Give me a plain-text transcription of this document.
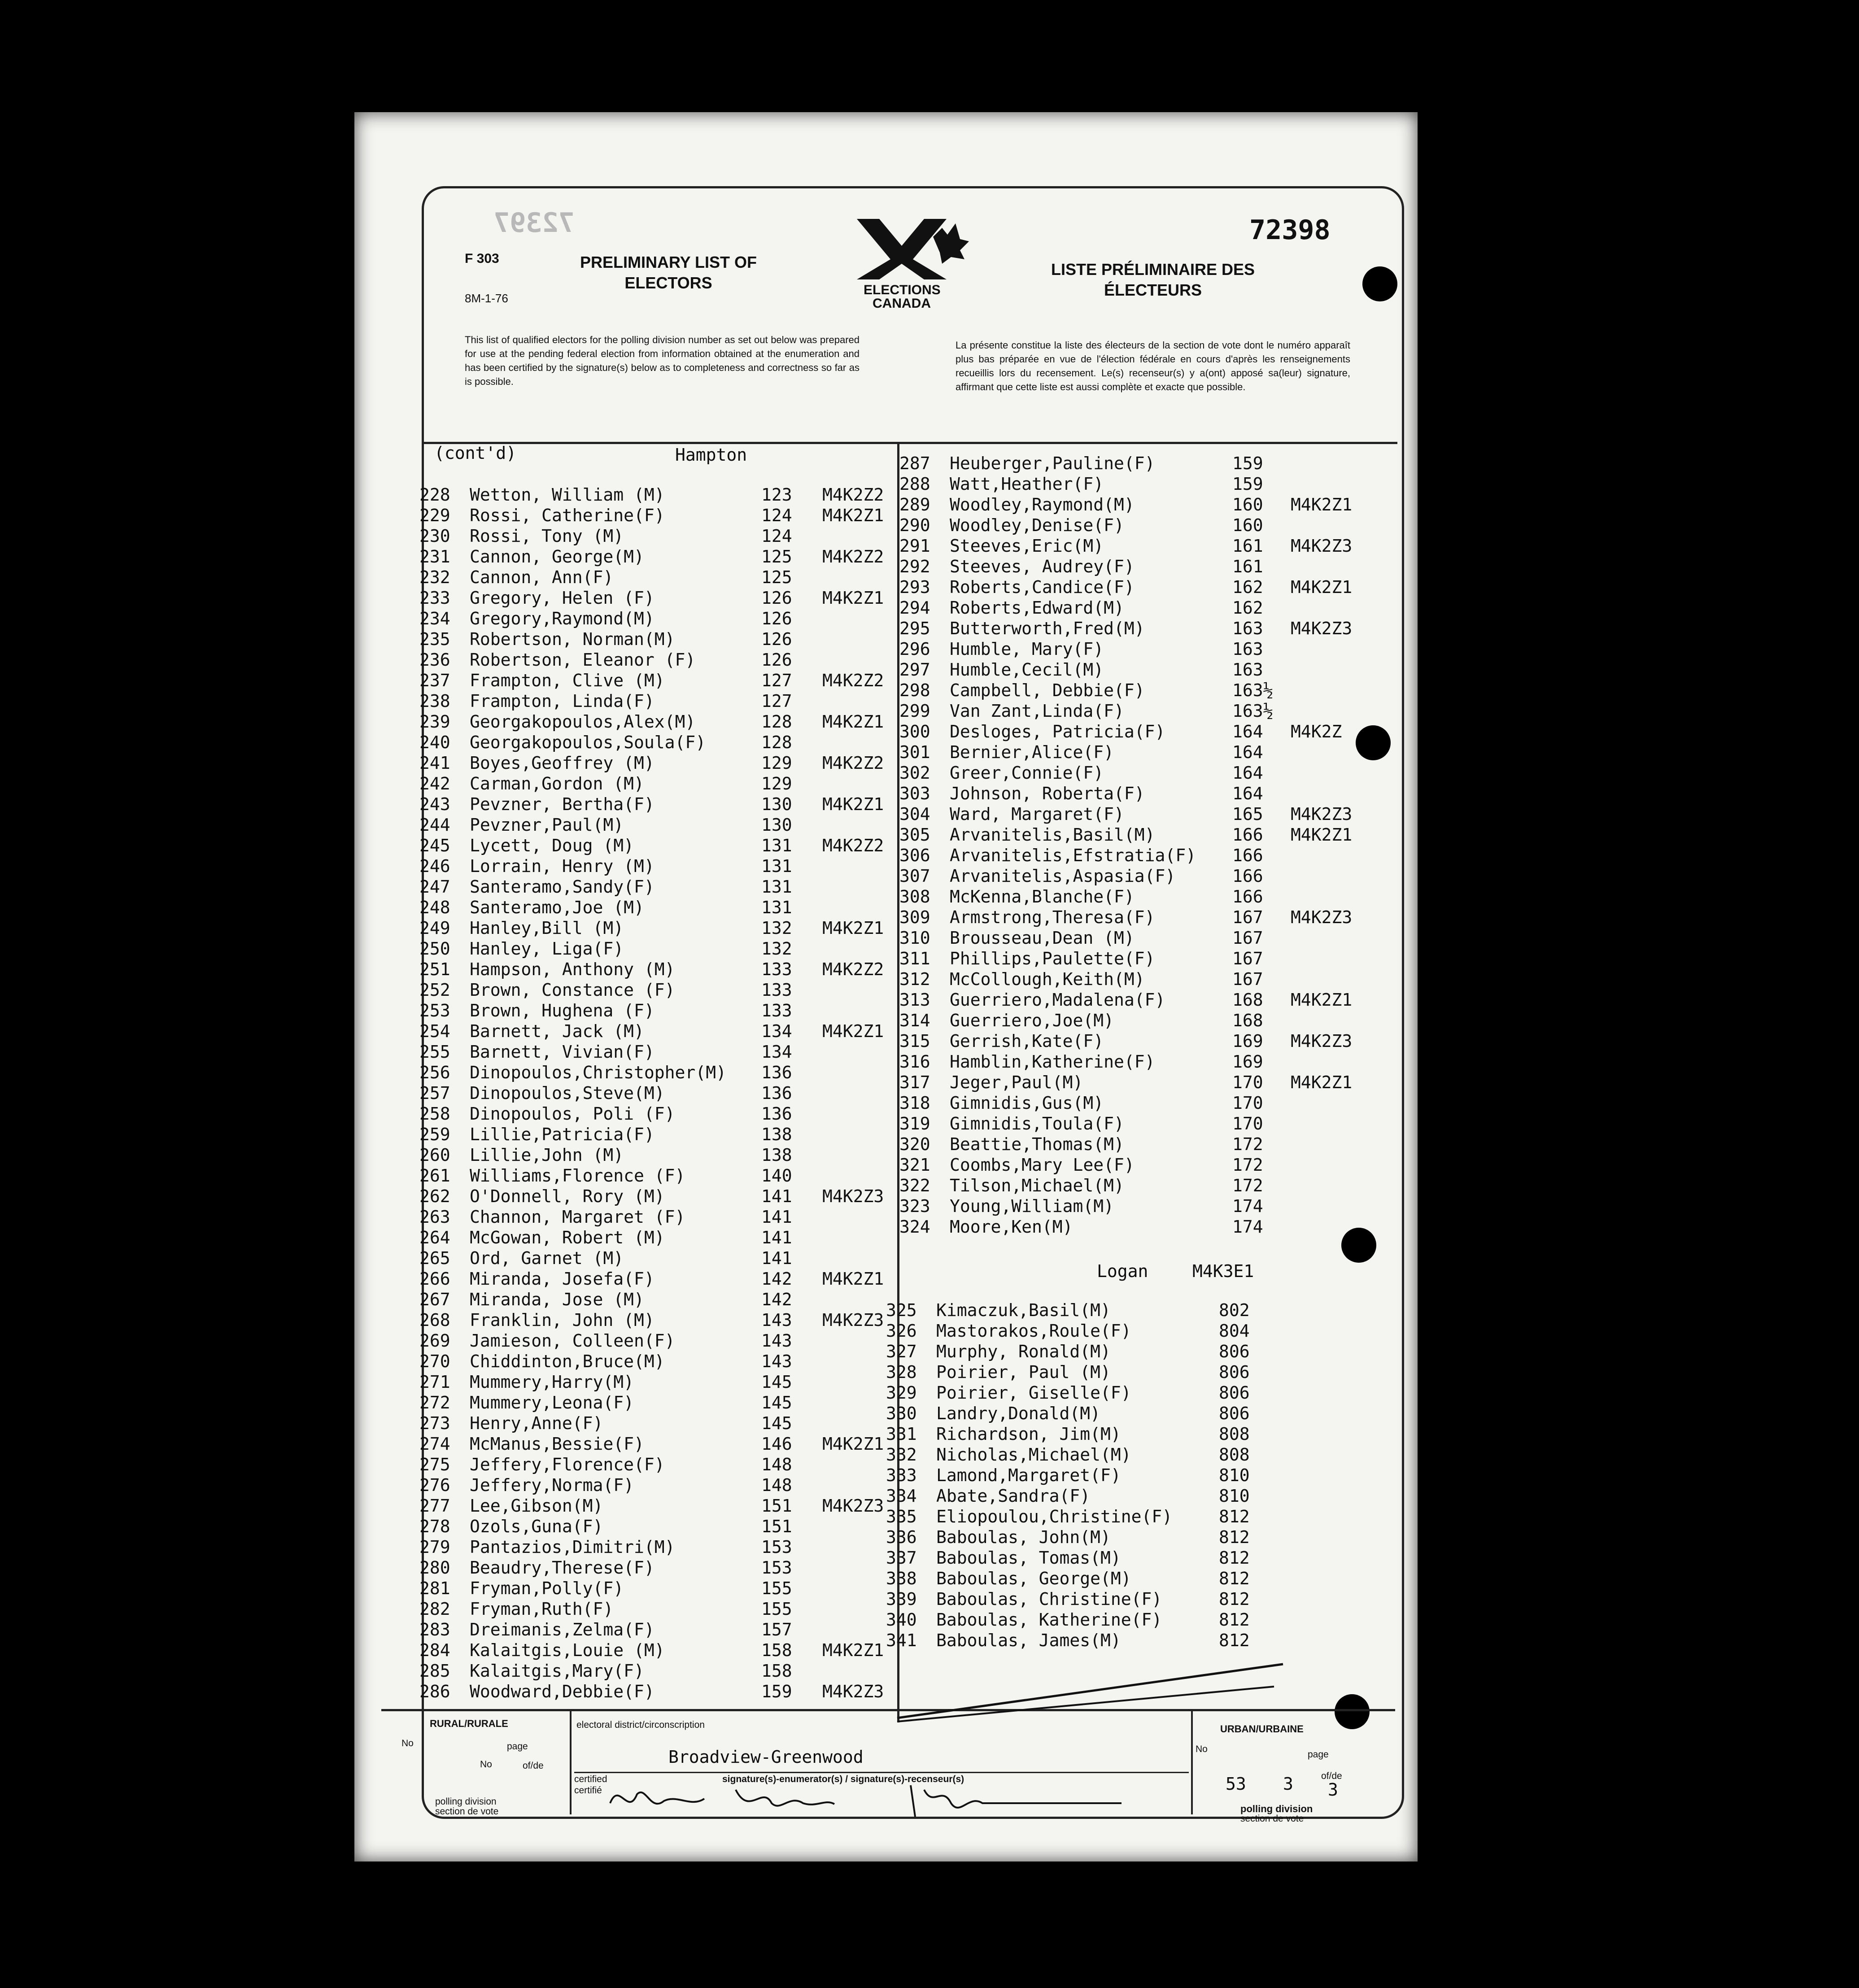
72397	72398
F 303
8M-1-76
PRELIMINARY LIST OF ELECTORS	ELECTIONS CANADA
LISTE PRÉLIMINAIRE DES ÉLECTEURS
This list of qualified electors for the polling division number as set out below was prepared for use at the pending federal election from information obtained at the enumeration and has been certified by the signature(s) below as to completeness and correctness so far as is possible.
La présente constitue la liste des électeurs de la section de vote dont le numéro apparaît plus bas préparée en vue de l'élection fédérale en cours d'après les renseignements recueillis lors du recensement. Le(s) recenseur(s) y a(ont) apposé sa(leur) signature, affirmant que cette liste est aussi complète et exacte que possible.
(cont'd)	Hampton
228 Wetton, William (M)	123 M4K2Z2
229 Rossi, Catherine(F)	124 M4K2Z1
230 Rossi, Tony (M)	124
231 Cannon, George(M)	125 M4K2Z2
232 Cannon, Ann(F)	125
233 Gregory, Helen (F)	126 M4K2Z1
234 Gregory,Raymond(M)	126
235 Robertson, Norman(M)	126
236 Robertson, Eleanor (F)	126
237 Frampton, Clive (M)	127 M4K2Z2
238 Frampton, Linda(F)	127
239 Georgakopoulos,Alex(M)	128 M4K2Z1
240 Georgakopoulos,Soula(F)	128
241 Boyes,Geoffrey (M)	129 M4K2Z2
242 Carman,Gordon (M)	129
243 Pevzner, Bertha(F)	130 M4K2Z1
244 Pevzner,Paul(M)	130
245 Lycett, Doug (M)	131 M4K2Z2
246 Lorrain, Henry (M)	131
247 Santeramo,Sandy(F)	131
248 Santeramo,Joe (M)	131
249 Hanley,Bill (M)	132 M4K2Z1
250 Hanley, Liga(F)	132
251 Hampson, Anthony (M)	133 M4K2Z2
252 Brown, Constance (F)	133
253 Brown, Hughena (F)	133
254 Barnett, Jack (M)	134 M4K2Z1
255 Barnett, Vivian(F)	134
256 Dinopoulos,Christopher(M) 136
257 Dinopoulos,Steve(M)	136
258 Dinopoulos, Poli (F)	136
259 Lillie,Patricia(F)	138
260 Lillie,John (M)	138
261 Williams,Florence (F)	140
262 O'Donnell, Rory (M)	141 M4K2Z3
263 Channon, Margaret (F)	141
264 McGowan, Robert (M)	141
265 Ord, Garnet (M)	141
266 Miranda, Josefa(F)	142 M4K2Z1
267 Miranda, Jose (M)	142
268 Franklin, John (M)	143 M4K2Z3
269 Jamieson, Colleen(F)	143
270 Chiddinton,Bruce(M)	143
271 Mummery,Harry(M)	145
272 Mummery,Leona(F)	145
273 Henry,Anne(F)	145
274 McManus,Bessie(F)	146 M4K2Z1
275 Jeffery,Florence(F)	148
276 Jeffery,Norma(F)	148
277 Lee,Gibson(M)	151 M4K2Z3
278 Ozols,Guna(F)	151
279 Pantazios,Dimitri(M)	153
280 Beaudry,Therese(F)	153
281 Fryman,Polly(F)	155
282 Fryman,Ruth(F)	155
283 Dreimanis,Zelma(F)	157
284 Kalaitgis,Louie (M)	158 M4K2Z1
285 Kalaitgis,Mary(F)	158
286 Woodward,Debbie(F)	159 M4K2Z3
287 Heuberger,Pauline(F)	159
288 Watt,Heather(F)	159
289 Woodley,Raymond(M)	160 M4K2Z1
290 Woodley,Denise(F)	160
291 Steeves,Eric(M)	161 M4K2Z3
292 Steeves, Audrey(F)	161
293 Roberts,Candice(F)	162 M4K2Z1
294 Roberts,Edward(M)	162
295 Butterworth,Fred(M)	163 M4K2Z3
296 Humble, Mary(F)	163
297 Humble,Cecil(M)	163
298 Campbell, Debbie(F)	163½
299 Van Zant,Linda(F)	163½
300 Desloges, Patricia(F)	164 M4K2Z
301 Bernier,Alice(F)	164
302 Greer,Connie(F)	164
303 Johnson, Roberta(F)	164
304 Ward, Margaret(F)	165 M4K2Z3
305 Arvanitelis,Basil(M)	166 M4K2Z1
306 Arvanitelis,Efstratia(F) 166
307 Arvanitelis,Aspasia(F)	166
308 McKenna,Blanche(F)	166
309 Armstrong,Theresa(F)	167 M4K2Z3
310 Brousseau,Dean (M)	167
311 Phillips,Paulette(F)	167
312 McCollough,Keith(M)	167
313 Guerriero,Madalena(F)	168 M4K2Z1
314 Guerriero,Joe(M)	168
315 Gerrish,Kate(F)	169 M4K2Z3
316 Hamblin,Katherine(F)	169
317 Jeger,Paul(M)	170 M4K2Z1
318 Gimnidis,Gus(M)	170
319 Gimnidis,Toula(F)	170
320 Beattie,Thomas(M)	172
321 Coombs,Mary Lee(F)	172
322 Tilson,Michael(M)	172
323 Young,William(M)	174
324 Moore,Ken(M)	174
Logan	M4K3E1
325 Kimaczuk,Basil(M)	802
326 Mastorakos,Roule(F)	804
327 Murphy, Ronald(M)	806
328 Poirier, Paul (M)	806
329 Poirier, Giselle(F)	806
330 Landry,Donald(M)	806
331 Richardson, Jim(M)	808
332 Nicholas,Michael(M)	808
333 Lamond,Margaret(F)	810
334 Abate,Sandra(F)	810
335 Eliopoulou,Christine(F)	812
336 Baboulas, John(M)	812
337 Baboulas, Tomas(M)	812
338 Baboulas, George(M)	812
339 Baboulas, Christine(F)	812
340 Baboulas, Katherine(F)	812
341 Baboulas, James(M)	812
RURAL/RURALE
No	page
No	of/de
polling division
section de vote
electoral district/circonscription
Broadview-Greenwood
certified
certifié
signature(s)-enumerator(s) / signature(s)-recenseur(s)
URBAN/URBAINE
No
page
53 3	of/de
3
polling division
section de vote
